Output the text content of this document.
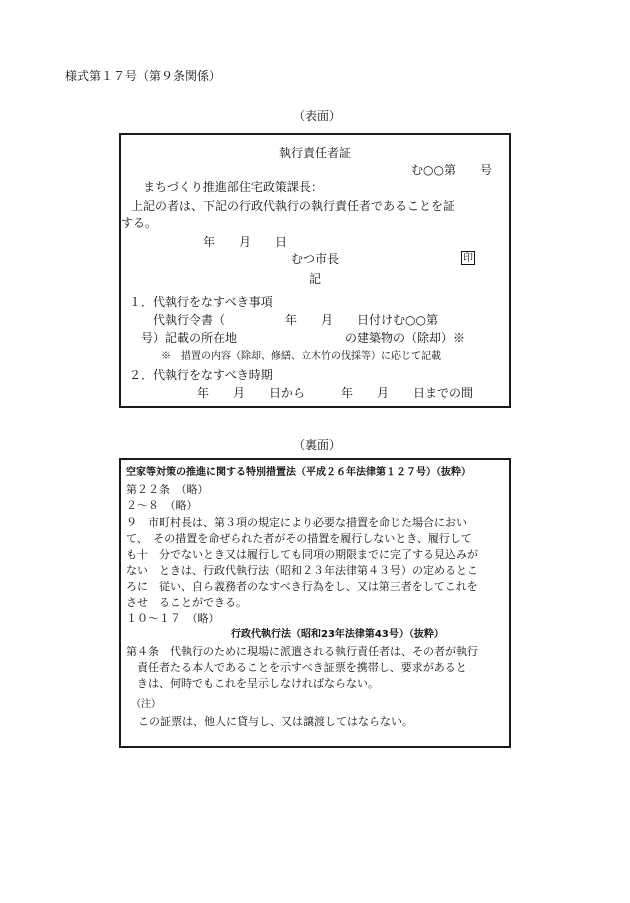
様式第１７号（第９条関係）
（表面）
執行責任者証
む○○第　　号
まちづくり推進部住宅政策課長：
上記の者は、下記の行政代執行の執行責任者であることを証
する。
年　　月　　日
むつ市長	印
記
１．代執行をなすべき事項
代執行令書（　　　　　年　　月　　日付けむ○○第
号）記載の所在地　　　　　　　　　の建築物の（除却）※
※　措置の内容（除却、修繕、立木竹の伐採等）に応じて記載
２．代執行をなすべき時期
年　　月　　日から　　　年　　月　　日までの間
（裏面）
空家等対策の推進に関する特別措置法（平成２６年法律第１２７号）（抜粋）
第２２条　（略）
２～８　（略）
９　市町村長は、第３項の規定により必要な措置を命じた場合におい
て、　その措置を命ぜられた者がその措置を履行しないとき、履行して
も十　分でないとき又は履行しても同項の期限までに完了する見込みが
ない　ときは、行政代執行法（昭和２３年法律第４３号）の定めるとこ
ろに　従い、自ら義務者のなすべき行為をし、又は第三者をしてこれを
させ　ることができる。
１０～１７　（略）
行政代執行法（昭和23年法律第43号）（抜粋）
第４条　代執行のために現場に派遣される執行責任者は、その者が執行
責任者たる本人であることを示すべき証票を携帯し、要求があると
きは、何時でもこれを呈示しなければならない。
（注）
この証票は、他人に貸与し、又は譲渡してはならない。
